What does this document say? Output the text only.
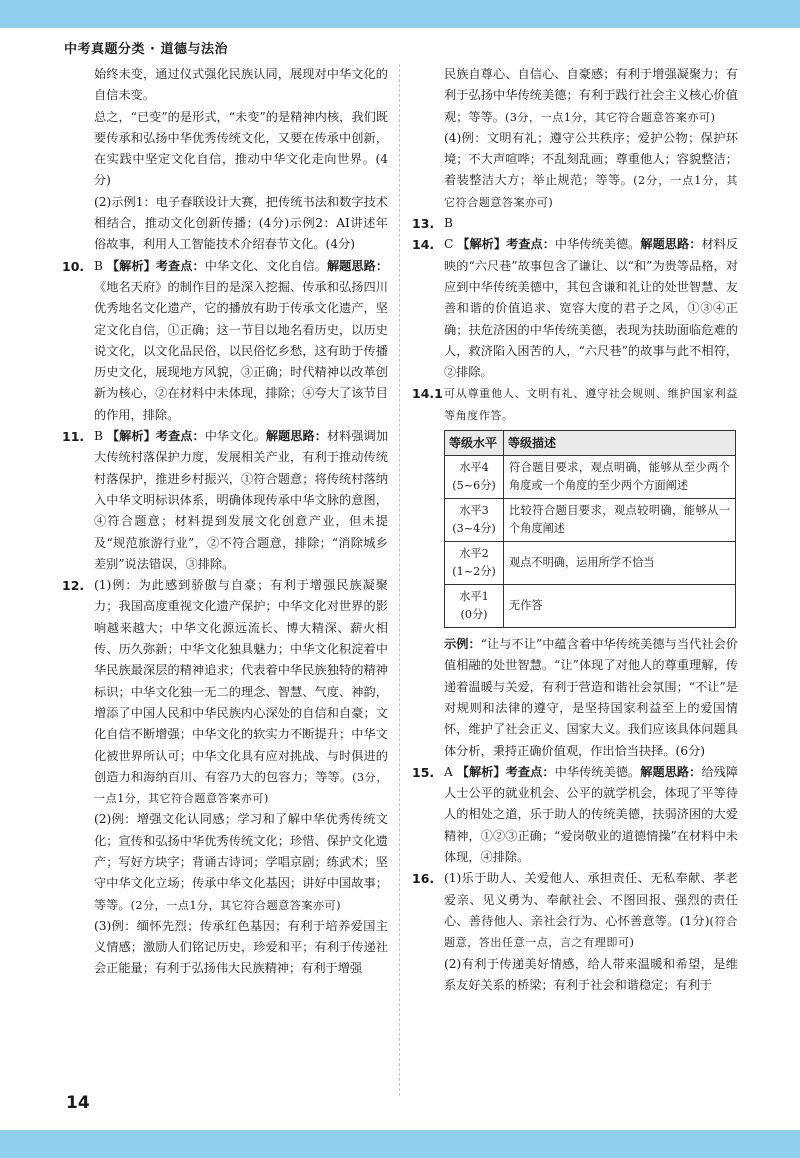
中考真题分类 · 道德与法治

始终未变，通过仪式强化民族认同，展现对中华文化的自信未变。

总之，“已变”的是形式，“未变”的是精神内核，我们既要传承和弘扬中华优秀传统文化，又要在传承中创新，在实践中坚定文化自信，推动中华文化走向世界。(4分)

(2)示例1：电子春联设计大赛，把传统书法和数字技术相结合，推动文化创新传播；(4分)示例2：AI讲述年俗故事，利用人工智能技术介绍春节文化。(4分)

10. B 【解析】考查点：中华文化、文化自信。解题思路：《地名天府》的制作目的是深入挖掘、传承和弘扬四川优秀地名文化遗产，它的播放有助于传承文化遗产，坚定文化自信，①正确；这一节目以地名看历史，以历史说文化，以文化品民俗，以民俗忆乡愁，这有助于传播历史文化，展现地方风貌，③正确；时代精神以改革创新为核心，②在材料中未体现，排除；④夸大了该节目的作用，排除。
11. B 【解析】考查点：中华文化。解题思路：材料强调加大传统村落保护力度，发展相关产业，有利于推动传统村落保护，推进乡村振兴，①符合题意；将传统村落纳入中华文明标识体系，明确体现传承中华文脉的意图，④符合题意；材料提到发展文化创意产业，但未提及“规范旅游行业”，②不符合题意，排除；“消除城乡差别”说法错误，③排除。
12. (1)例：为此感到骄傲与自豪；有利于增强民族凝聚力；我国高度重视文化遗产保护；中华文化对世界的影响越来越大；中华文化源远流长、博大精深、薪火相传、历久弥新；中华文化独具魅力；中华文化积淀着中华民族最深层的精神追求；代表着中华民族独特的精神标识；中华文化独一无二的理念、智慧、气度、神韵，增添了中国人民和中华民族内心深处的自信和自豪；文化自信不断增强；中华文化的软实力不断提升；中华文化被世界所认可；中华文化具有应对挑战、与时俱进的创造力和海纳百川、有容乃大的包容力；等等。(3分，一点1分，其它符合题意答案亦可)

(2)例：增强文化认同感；学习和了解中华优秀传统文化；宣传和弘扬中华优秀传统文化；珍惜、保护文化遗产；写好方块字；背诵古诗词；学唱京剧；练武术；坚守中华文化立场；传承中华文化基因；讲好中国故事；等等。(2分，一点1分，其它符合题意答案亦可)

(3)例：缅怀先烈；传承红色基因；有利于培养爱国主义情感；激励人们铭记历史，珍爱和平；有利于传递社会正能量；有利于弘扬伟大民族精神；有利于增强

民族自尊心、自信心、自豪感；有利于增强凝聚力；有利于弘扬中华传统美德；有利于践行社会主义核心价值观；等等。(3分，一点1分，其它符合题意答案亦可)

(4)例：文明有礼；遵守公共秩序；爱护公物；保护环境；不大声喧哗；不乱刻乱画；尊重他人；容貌整洁；着装整洁大方；举止规范；等等。(2分，一点1分，其它符合题意答案亦可)

13. B
14. C 【解析】考查点：中华传统美德。解题思路：材料反映的“六尺巷”故事包含了谦让、以“和”为贵等品格，对应到中华传统美德中，其包含谦和礼让的处世智慧、友善和谐的价值追求、宽容大度的君子之风，①③④正确；扶危济困的中华传统美德，表现为扶助面临危难的人，救济陷入困苦的人，“六尺巷”的故事与此不相符，②排除。
14.1 可从尊重他人、文明有礼、遵守社会规则、维护国家利益等角度作答。
等级水平	等级描述

水平4
(5~6分)	符合题目要求，观点明确，能够从至少两个角度或一个角度的至少两个方面阐述

水平3
(3~4分)	比较符合题目要求，观点较明确，能够从一个角度阐述

水平2
(1~2分)	观点不明确，运用所学不恰当

水平1
(0分)	无作答

示例：“让与不让”中蕴含着中华传统美德与当代社会价值相融的处世智慧。“让”体现了对他人的尊重理解，传递着温暖与关爱，有利于营造和谐社会氛围；“不让”是对规则和法律的遵守，是坚持国家利益至上的爱国情怀，维护了社会正义、国家大义。我们应该具体问题具体分析，秉持正确价值观，作出恰当抉择。(6分)

15. A 【解析】考查点：中华传统美德。解题思路：给残障人士公平的就业机会、公平的就学机会，体现了平等待人的相处之道，乐于助人的传统美德，扶弱济困的大爱精神，①②③正确；“爱岗敬业的道德情操”在材料中未体现，④排除。
16. (1)乐于助人、关爱他人、承担责任、无私奉献、孝老爱亲、见义勇为、奉献社会、不图回报、强烈的责任心、善待他人、亲社会行为、心怀善意等。(1分)(符合题意，答出任意一点，言之有理即可)

(2)有利于传递美好情感，给人带来温暖和希望，是维系友好关系的桥梁；有利于社会和谐稳定；有利于

14
